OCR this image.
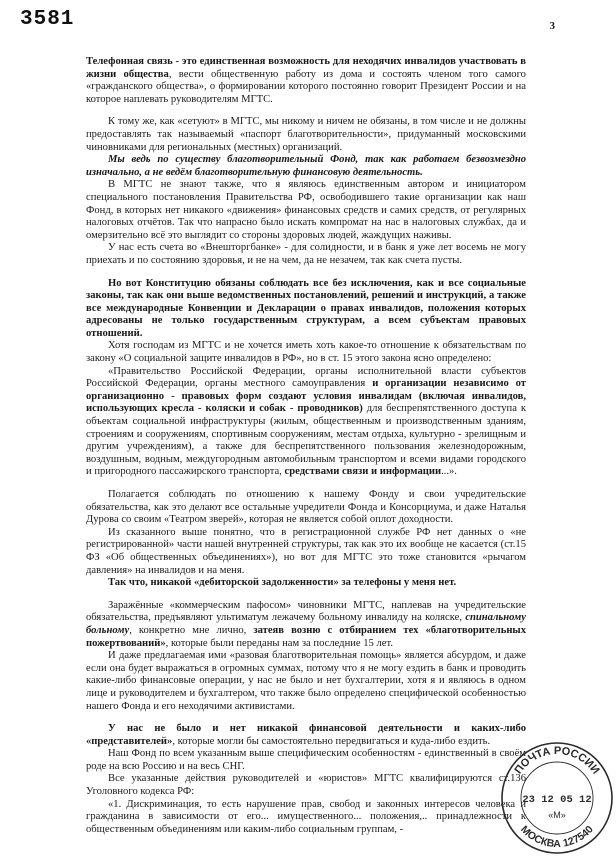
3581	3

Телефонная связь - это единственная возможность для неходячих инвалидов участвовать в жизни общества, вести общественную работу из дома и состоять членом того самого «гражданского общества», о формировании которого постоянно говорит Президент России и на которое наплевать руководителям МГТС.

К тому же, как «сетуют» в МГТС, мы никому и ничем не обязаны, в том числе и не должны предоставлять так называемый «паспорт благотворительности», придуманный московскими чиновниками для региональных (местных) организаций.

Мы ведь по существу благотворительный Фонд, так как работаем безвозмездно изначально, а не ведём благотворительную финансовую деятельность.

В МГТС не знают также, что я являюсь единственным автором и инициатором специального постановления Правительства РФ, освободившего такие организации как наш Фонд, в которых нет никакого «движения» финансовых средств и самих средств, от регулярных налоговых отчётов. Так что напрасно было искать компромат на нас в налоговых службах, да и омерзительно всё это выглядит со стороны здоровых людей, жаждущих наживы.

У нас есть счета во «Внешторгбанке» - для солидности, и в банк я уже лет восемь не могу приехать и по состоянию здоровья, и не на чем, да не незачем, так как счета пусты.

Но вот Конституцию обязаны соблюдать все без исключения, как и все социальные законы, так как они выше ведомственных постановлений, решений и инструкций, а также все международные Конвенции и Декларации о правах инвалидов, положения которых адресованы не только государственным структурам, а всем субъектам правовых отношений.

Хотя господам из МГТС и не хочется иметь хоть какое-то отношение к обязательствам по закону «О социальной защите инвалидов в РФ», но в ст. 15 этого закона ясно определено:

«Правительство Российской Федерации, органы исполнительной власти субъектов Российской Федерации, органы местного самоуправления и организации независимо от организационно - правовых форм создают условия инвалидам (включая инвалидов, использующих кресла - коляски и собак - проводников) для беспрепятственного доступа к объектам социальной инфраструктуры (жилым, общественным и производственным зданиям, строениям и сооружениям, спортивным сооружениям, местам отдыха, культурно - зрелищным и другим учреждениям), а также для беспрепятственного пользования железнодорожным, воздушным, водным, междугородным автомобильным транспортом и всеми видами городского и пригородного пассажирского транспорта, средствами связи и информации...».

Полагается соблюдать по отношению к нашему Фонду и свои учредительские обязательства, как это делают все остальные учредители Фонда и Консорциума, и даже Наталья Дурова со своим «Театром зверей», которая не является собой оплот доходности.

Из сказанного выше понятно, что в регистрационной службе РФ нет данных о «не регистрированной» части нашей внутренней структуры, так как это их вообще не касается (ст.15 ФЗ «Об общественных объединениях»), но вот для МГТС это тоже становится «рычагом давления» на инвалидов и на меня.

Так что, никакой «дебиторской задолженности» за телефоны у меня нет.

Заражённые «коммерческим пафосом» чиновники МГТС, наплевав на учредительские обязательства, предъявляют ультиматум лежачему больному инвалиду на коляске, спинальному больному, конкретно мне лично, затеяв возню с отбиранием тех «благотворительных пожертвований», которые были переданы нам за последние 15 лет.

И даже предлагаемая ими «разовая благотворительная помощь» является абсурдом, и даже если она будет выражаться в огромных суммах, потому что я не могу ездить в банк и проводить какие-либо финансовые операции, у нас не было и нет бухгалтерии, хотя я и являюсь в одном лице и руководителем и бухгалтером, что также было определено специфической особенностью нашего Фонда и его неходячими активистами.

У нас не было и нет никакой финансовой деятельности и каких-либо «представителей», которые могли бы самостоятельно передвигаться и куда-либо ездить.

Наш Фонд по всем указанным выше специфическим особенностям - единственный в своём роде на всю Россию и на весь СНГ.

Все указанные действия руководителей и «юристов» МГТС квалифицируются ст.136 Уголовного кодекса РФ:

«1. Дискриминация, то есть нарушение прав, свобод и законных интересов человека и гражданина в зависимости от его... имущественного... положения,.. принадлежности к общественным объединениям или каким-либо социальным группам, -

ПОЧТА РОССИИ
23 12 05 12
«М»
МОСКВА 127540
